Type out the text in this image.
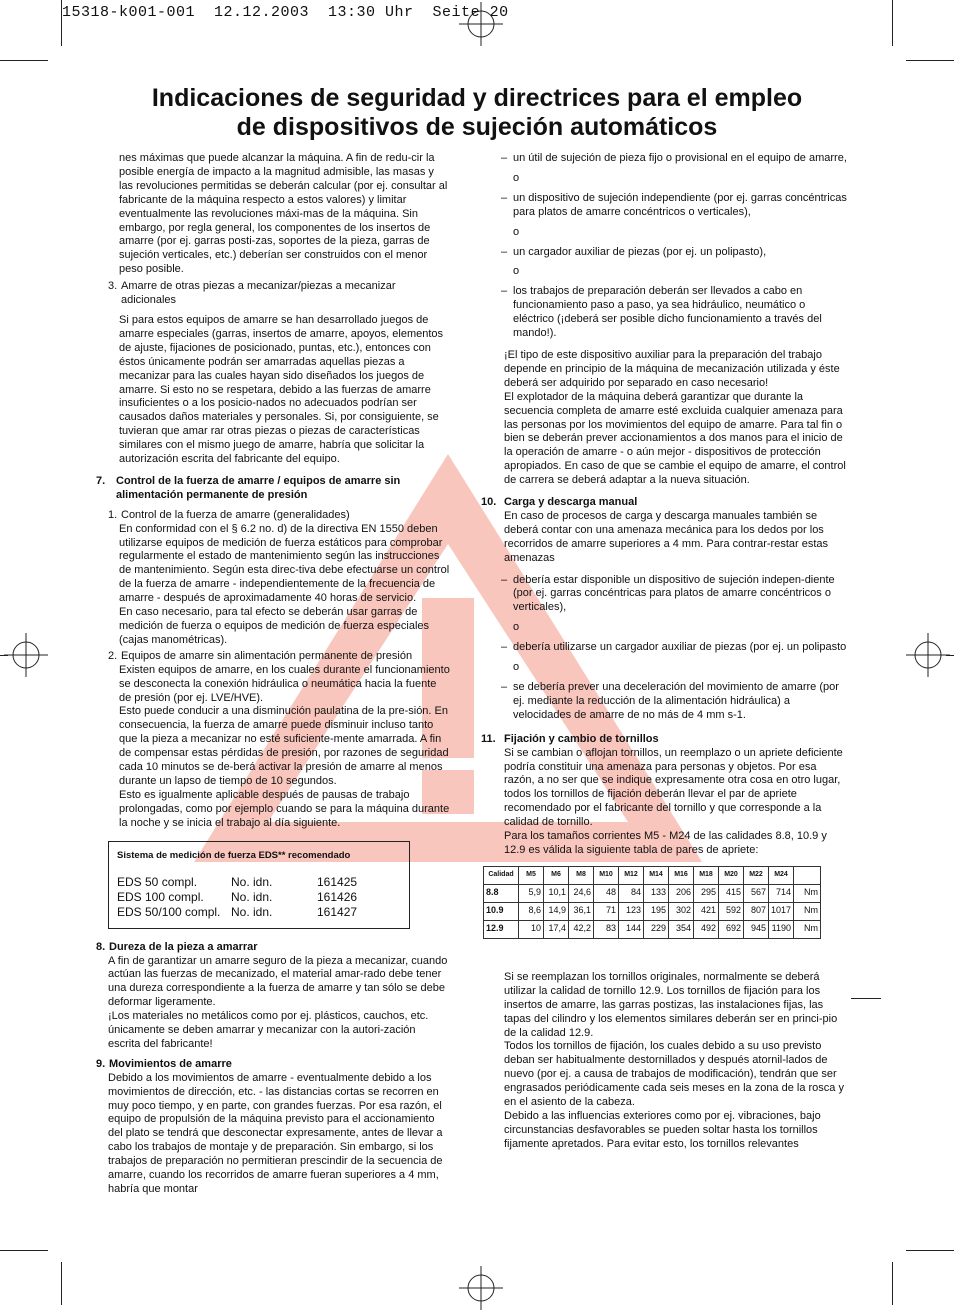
15318-k001-001  12.12.2003  13:30 Uhr  Seite 20
Indicaciones de seguridad y directrices para el empleo
de dispositivos de sujeción automáticos

nes máximas que puede alcanzar la máquina. A fin de redu-cir la posible energía de impacto a la magnitud admisible, las masas y las revoluciones permitidas se deberán calcular (por ej. consultar al fabricante de la máquina respecto a estos valores) y limitar eventualmente las revoluciones máxi-mas de la máquina. Sin embargo, por regla general, los componentes de los insertos de amarre (por ej. garras posti-zas, soportes de la pieza, garras de sujeción verticales, etc.) deberían ser construidos con el menor peso posible.

3. Amarre de otras piezas a mecanizar/piezas a mecanizar adicionales

Si para estos equipos de amarre se han desarrollado juegos de amarre especiales (garras, insertos de amarre, apoyos, elementos de ajuste, fijaciones de posicionado, puntas, etc.), entonces con éstos únicamente podrán ser amarradas aquellas piezas a mecanizar para las cuales hayan sido diseñados los juegos de amarre. Si esto no se respetara, debido a las fuerzas de amarre insuficientes o a los posicio-nados no adecuados podrían ser causados daños materiales y personales. Si, por consiguiente, se tuvieran que amar rar otras piezas o piezas de características similares con el mismo juego de amarre, habría que solicitar la autorización escrita del fabricante del equipo.

7. Control de la fuerza de amarre / equipos de amarre sin alimentación permanente de presión
1. Control de la fuerza de amarre (generalidades)

En conformidad con el § 6.2 no. d) de la directiva EN 1550 deben utilizarse equipos de medición de fuerza estáticos para comprobar regularmente el estado de mantenimiento según las instrucciones de mantenimiento. Según esta direc-tiva debe efectuarse un control de la fuerza de amarre - independientemente de la frecuencia de amarre - después de aproximadamente 40 horas de servicio.

En caso necesario, para tal efecto se deberán usar garras de medición de fuerza o equipos de medición de fuerza especiales (cajas manométricas).

2. Equipos de amarre sin alimentación permanente de presión

Existen equipos de amarre, en los cuales durante el funcionamiento se desconecta la conexión hidráulica o neumática hacia la fuente de presión (por ej. LVE/HVE).

Esto puede conducir a una disminución paulatina de la pre-sión. En consecuencia, la fuerza de amarre puede disminuir incluso tanto que la pieza a mecanizar no esté suficiente-mente amarrada. A fin de compensar estas pérdidas de presión, por razones de seguridad cada 10 minutos se de-berá activar la presión de amarre al menos durante un lapso de tiempo de 10 segundos.

Esto es igualmente aplicable después de pausas de trabajo prolongadas, como por ejemplo cuando se para la máquina durante la noche y se inicia el trabajo al día siguiente.

Sistema de medición de fuerza EDS** recomendado
EDS 50 compl.	No. idn.	161425
EDS 100 compl.	No. idn.	161426
EDS 50/100 compl.	No. idn.	161427
8. Dureza de la pieza a amarrar

A fin de garantizar un amarre seguro de la pieza a mecanizar, cuando actúan las fuerzas de mecanizado, el material amar-rado debe tener una dureza correspondiente a la fuerza de amarre y tan sólo se debe deformar ligeramente.

¡Los materiales no metálicos como por ej. plásticos, cauchos, etc. únicamente se deben amarrar y mecanizar con la autori-zación escrita del fabricante!

9. Movimientos de amarre

Debido a los movimientos de amarre - eventualmente debido a los movimientos de dirección, etc. - las distancias cortas se recorren en muy poco tiempo, y en parte, con grandes fuerzas. Por esa razón, el equipo de propulsión de la máquina previsto para el accionamiento del plato se tendrá que desconectar expresamente, antes de llevar a cabo los trabajos de montaje y de preparación. Sin embargo, si los trabajos de preparación no permitieran prescindir de la secuencia de amarre, cuando los recorridos de amarre fueran superiores a 4 mm, habría que montar

– un útil de sujeción de pieza fijo o provisional en el equipo de amarre,

o

– un dispositivo de sujeción independiente (por ej. garras concéntricas para platos de amarre concéntricos o verticales),

o

– un cargador auxiliar de piezas (por ej. un polipasto),

o

– los trabajos de preparación deberán ser llevados a cabo en funcionamiento paso a paso, ya sea hidráulico, neumático o eléctrico (¡deberá ser posible dicho funcionamiento a través del mando!).

¡El tipo de este dispositivo auxiliar para la preparación del trabajo depende en principio de la máquina de mecanización utilizada y éste deberá ser adquirido por separado en caso necesario!

El explotador de la máquina deberá garantizar que durante la secuencia completa de amarre esté excluida cualquier amenaza para las personas por los movimientos del equipo de amarre. Para tal fin o bien se deberán prever accionamientos a dos manos para el inicio de la operación de amarre - o aún mejor - dispositivos de protección apropiados. En caso de que se cambie el equipo de amarre, el control de carrera se deberá adaptar a la nueva situación.

10. Carga y descarga manual

En caso de procesos de carga y descarga manuales también se deberá contar con una amenaza mecánica para los dedos por los recorridos de amarre superiores a 4 mm. Para contrar-restar estas amenazas

– debería estar disponible un dispositivo de sujeción indepen-diente (por ej. garras concéntricas para platos de amarre concéntricos o verticales),

o

– debería utilizarse un cargador auxiliar de piezas (por ej. un polipasto

o

– se debería prever una deceleración del movimiento de amarre (por ej. mediante la reducción de la alimentación hidráulica) a velocidades de amarre de no más de 4 mm s-1.
11. Fijación y cambio de tornillos

Si se cambian o aflojan tornillos, un reemplazo o un apriete deficiente podría constituir una amenaza para personas y objetos. Por esa razón, a no ser que se indique expresamente otra cosa en otro lugar, todos los tornillos de fijación deberán llevar el par de apriete recomendado por el fabricante del tornillo y que corresponde a la calidad de tornillo.

Para los tamaños corrientes M5 - M24 de las calidades 8.8, 10.9 y 12.9 es válida la siguiente tabla de pares de apriete:

Calidad	M5	M6	M8	M10	M12	M14	M16	M18	M20	M22	M24	
8.8	5,9	10,1	24,6	48	84	133	206	295	415	567	714	Nm
10.9	8,6	14,9	36,1	71	123	195	302	421	592	807	1017	Nm
12.9	10	17,4	42,2	83	144	229	354	492	692	945	1190	Nm

Si se reemplazan los tornillos originales, normalmente se deberá utilizar la calidad de tornillo 12.9. Los tornillos de fijación para los insertos de amarre, las garras postizas, las instalaciones fijas, las tapas del cilindro y los elementos similares deberán ser en princi-pio de la calidad 12.9.

Todos los tornillos de fijación, los cuales debido a su uso previsto deban ser habitualmente destornillados y después atornil-lados de nuevo (por ej. a causa de trabajos de modificación), tendrán que ser engrasados periódicamente cada seis meses en la zona de la rosca y en el asiento de la cabeza.

Debido a las influencias exteriores como por ej. vibraciones, bajo circunstancias desfavorables se pueden soltar hasta los tornillos fijamente apretados. Para evitar esto, los tornillos relevantes
